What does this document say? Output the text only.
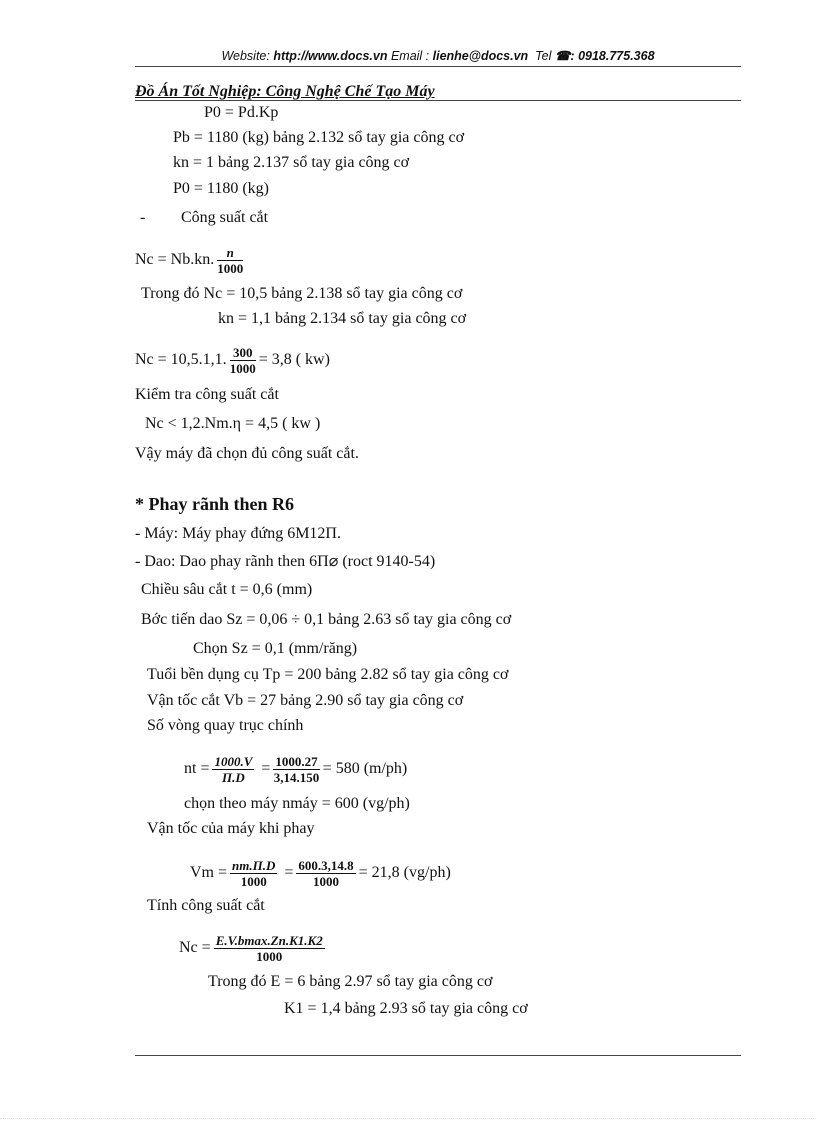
Website: http://www.docs.vn Email : lienhe@docs.vn Tel ☎: 0918.775.368
Đồ Án Tốt Nghiệp: Công Nghệ Chế Tạo Máy
P0 = Pd.Kp
Pb = 1180 (kg) bảng 2.132 sổ tay gia công cơ
kn = 1 bảng 2.137 sổ tay gia công cơ
P0 = 1180 (kg)
- Công suất cắt
Nc = Nb.kn. $\frac{n}{1000}$
Trong đó Nc = 10,5 bảng 2.138 sổ tay gia công cơ
kn = 1,1 bảng 2.134 sổ tay gia công cơ
Nc = 10,5.1,1. $\frac{300}{1000} = 3,8$ ( kw)
Kiểm tra công suất cắt
Nc < 1,2.Nm.η = 4,5 ( kw )
Vậy máy đã chọn đủ công suất cắt.
* Phay rãnh then R6
- Máy: Máy phay đứng 6M12Π.
- Dao: Dao phay rãnh then 6Π⌀ (roct 9140-54)
Chiều sâu cắt t = 0,6 (mm)
Bớc tiến dao Sz = 0,06 ÷ 0,1 bảng 2.63 sổ tay gia công cơ
Chọn Sz = 0,1 (mm/răng)
Tuổi bền dụng cụ Tp = 200 bảng 2.82 sổ tay gia công cơ
Vận tốc cắt Vb = 27 bảng 2.90 sổ tay gia công cơ
Số vòng quay trục chính
nt = $\frac{1000.V}{\Pi.D} = \frac{1000.27}{3,14.150} = 580$ (m/ph)
chọn theo máy nmáy = 600 (vg/ph)
Vận tốc của máy khi phay
$Vm = \frac{nm.\Pi.D}{1000} = \frac{600.3,14.8}{1000} = 21,8$ (vg/ph)
Tính công suất cắt
$Nc = \frac{E.V.bmax.Zn.K1.K2}{1000}$
Trong đó E = 6 bảng 2.97 sổ tay gia công cơ
K1 = 1,4 bảng 2.93 sổ tay gia công cơ
